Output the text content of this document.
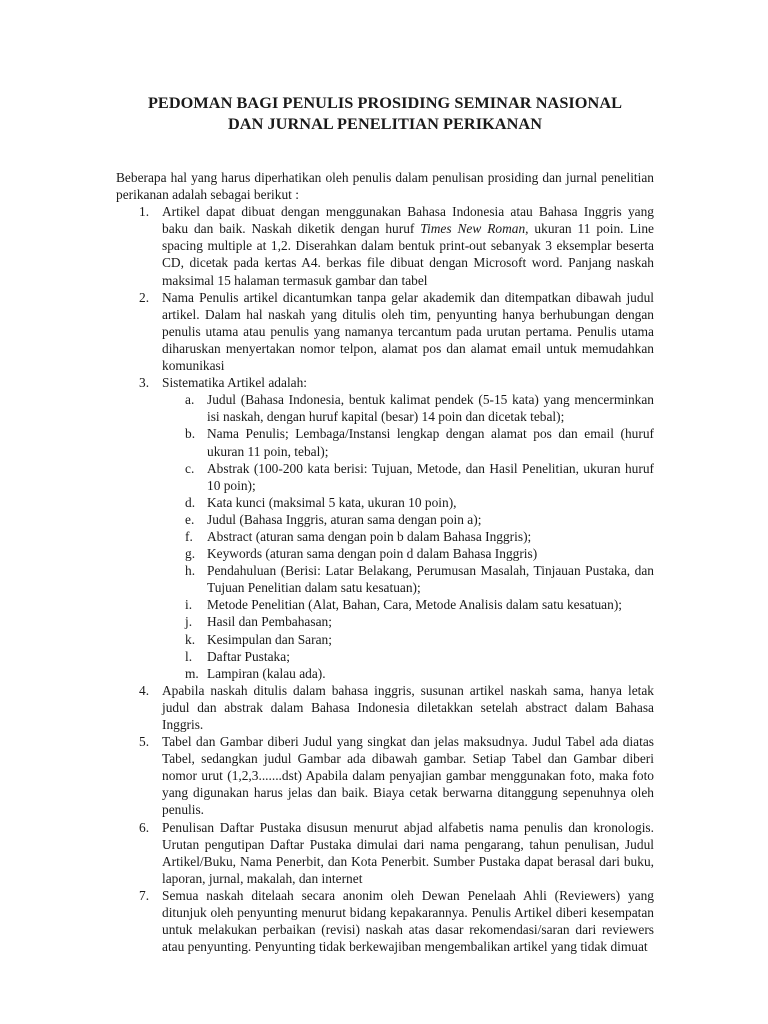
PEDOMAN BAGI PENULIS PROSIDING SEMINAR NASIONAL
DAN JURNAL PENELITIAN PERIKANAN

Beberapa hal yang harus diperhatikan oleh penulis dalam penulisan prosiding dan jurnal penelitian perikanan adalah sebagai berikut :

1. Artikel dapat dibuat dengan menggunakan Bahasa Indonesia atau Bahasa Inggris yang baku dan baik. Naskah diketik dengan huruf Times New Roman, ukuran 11 poin. Line spacing multiple at 1,2. Diserahkan dalam bentuk print-out sebanyak 3 eksemplar beserta CD, dicetak pada kertas A4. berkas file dibuat dengan Microsoft word. Panjang naskah maksimal 15 halaman termasuk gambar dan tabel
2. Nama Penulis artikel dicantumkan tanpa gelar akademik dan ditempatkan dibawah judul artikel. Dalam hal naskah yang ditulis oleh tim, penyunting hanya berhubungan dengan penulis utama atau penulis yang namanya tercantum pada urutan pertama. Penulis utama diharuskan menyertakan nomor telpon, alamat pos dan alamat email untuk memudahkan komunikasi
3. Sistematika Artikel adalah:
a. Judul (Bahasa Indonesia, bentuk kalimat pendek (5-15 kata) yang mencerminkan isi naskah, dengan huruf kapital (besar) 14 poin dan dicetak tebal);
b. Nama Penulis; Lembaga/Instansi lengkap dengan alamat pos dan email (huruf ukuran 11 poin, tebal);
c. Abstrak (100-200 kata berisi: Tujuan, Metode, dan Hasil Penelitian, ukuran huruf 10 poin);
d. Kata kunci (maksimal 5 kata, ukuran 10 poin),
e. Judul (Bahasa Inggris, aturan sama dengan poin a);
f. Abstract (aturan sama dengan poin b dalam Bahasa Inggris);
g. Keywords (aturan sama dengan poin d dalam Bahasa Inggris)
h. Pendahuluan (Berisi: Latar Belakang, Perumusan Masalah, Tinjauan Pustaka, dan Tujuan Penelitian dalam satu kesatuan);
i. Metode Penelitian (Alat, Bahan, Cara, Metode Analisis dalam satu kesatuan);
j. Hasil dan Pembahasan;
k. Kesimpulan dan Saran;
l. Daftar Pustaka;
m. Lampiran (kalau ada).
4. Apabila naskah ditulis dalam bahasa inggris, susunan artikel naskah sama, hanya letak judul dan abstrak dalam Bahasa Indonesia diletakkan setelah abstract dalam Bahasa Inggris.
5. Tabel dan Gambar diberi Judul yang singkat dan jelas maksudnya. Judul Tabel ada diatas Tabel, sedangkan judul Gambar ada dibawah gambar. Setiap Tabel dan Gambar diberi nomor urut (1,2,3.......dst) Apabila dalam penyajian gambar menggunakan foto, maka foto yang digunakan harus jelas dan baik. Biaya cetak berwarna ditanggung sepenuhnya oleh penulis.
6. Penulisan Daftar Pustaka disusun menurut abjad alfabetis nama penulis dan kronologis. Urutan pengutipan Daftar Pustaka dimulai dari nama pengarang, tahun penulisan, Judul Artikel/Buku, Nama Penerbit, dan Kota Penerbit. Sumber Pustaka dapat berasal dari buku, laporan, jurnal, makalah, dan internet
7. Semua naskah ditelaah secara anonim oleh Dewan Penelaah Ahli (Reviewers) yang ditunjuk oleh penyunting menurut bidang kepakarannya. Penulis Artikel diberi kesempatan untuk melakukan perbaikan (revisi) naskah atas dasar rekomendasi/saran dari reviewers atau penyunting. Penyunting tidak berkewajiban mengembalikan artikel yang tidak dimuat
